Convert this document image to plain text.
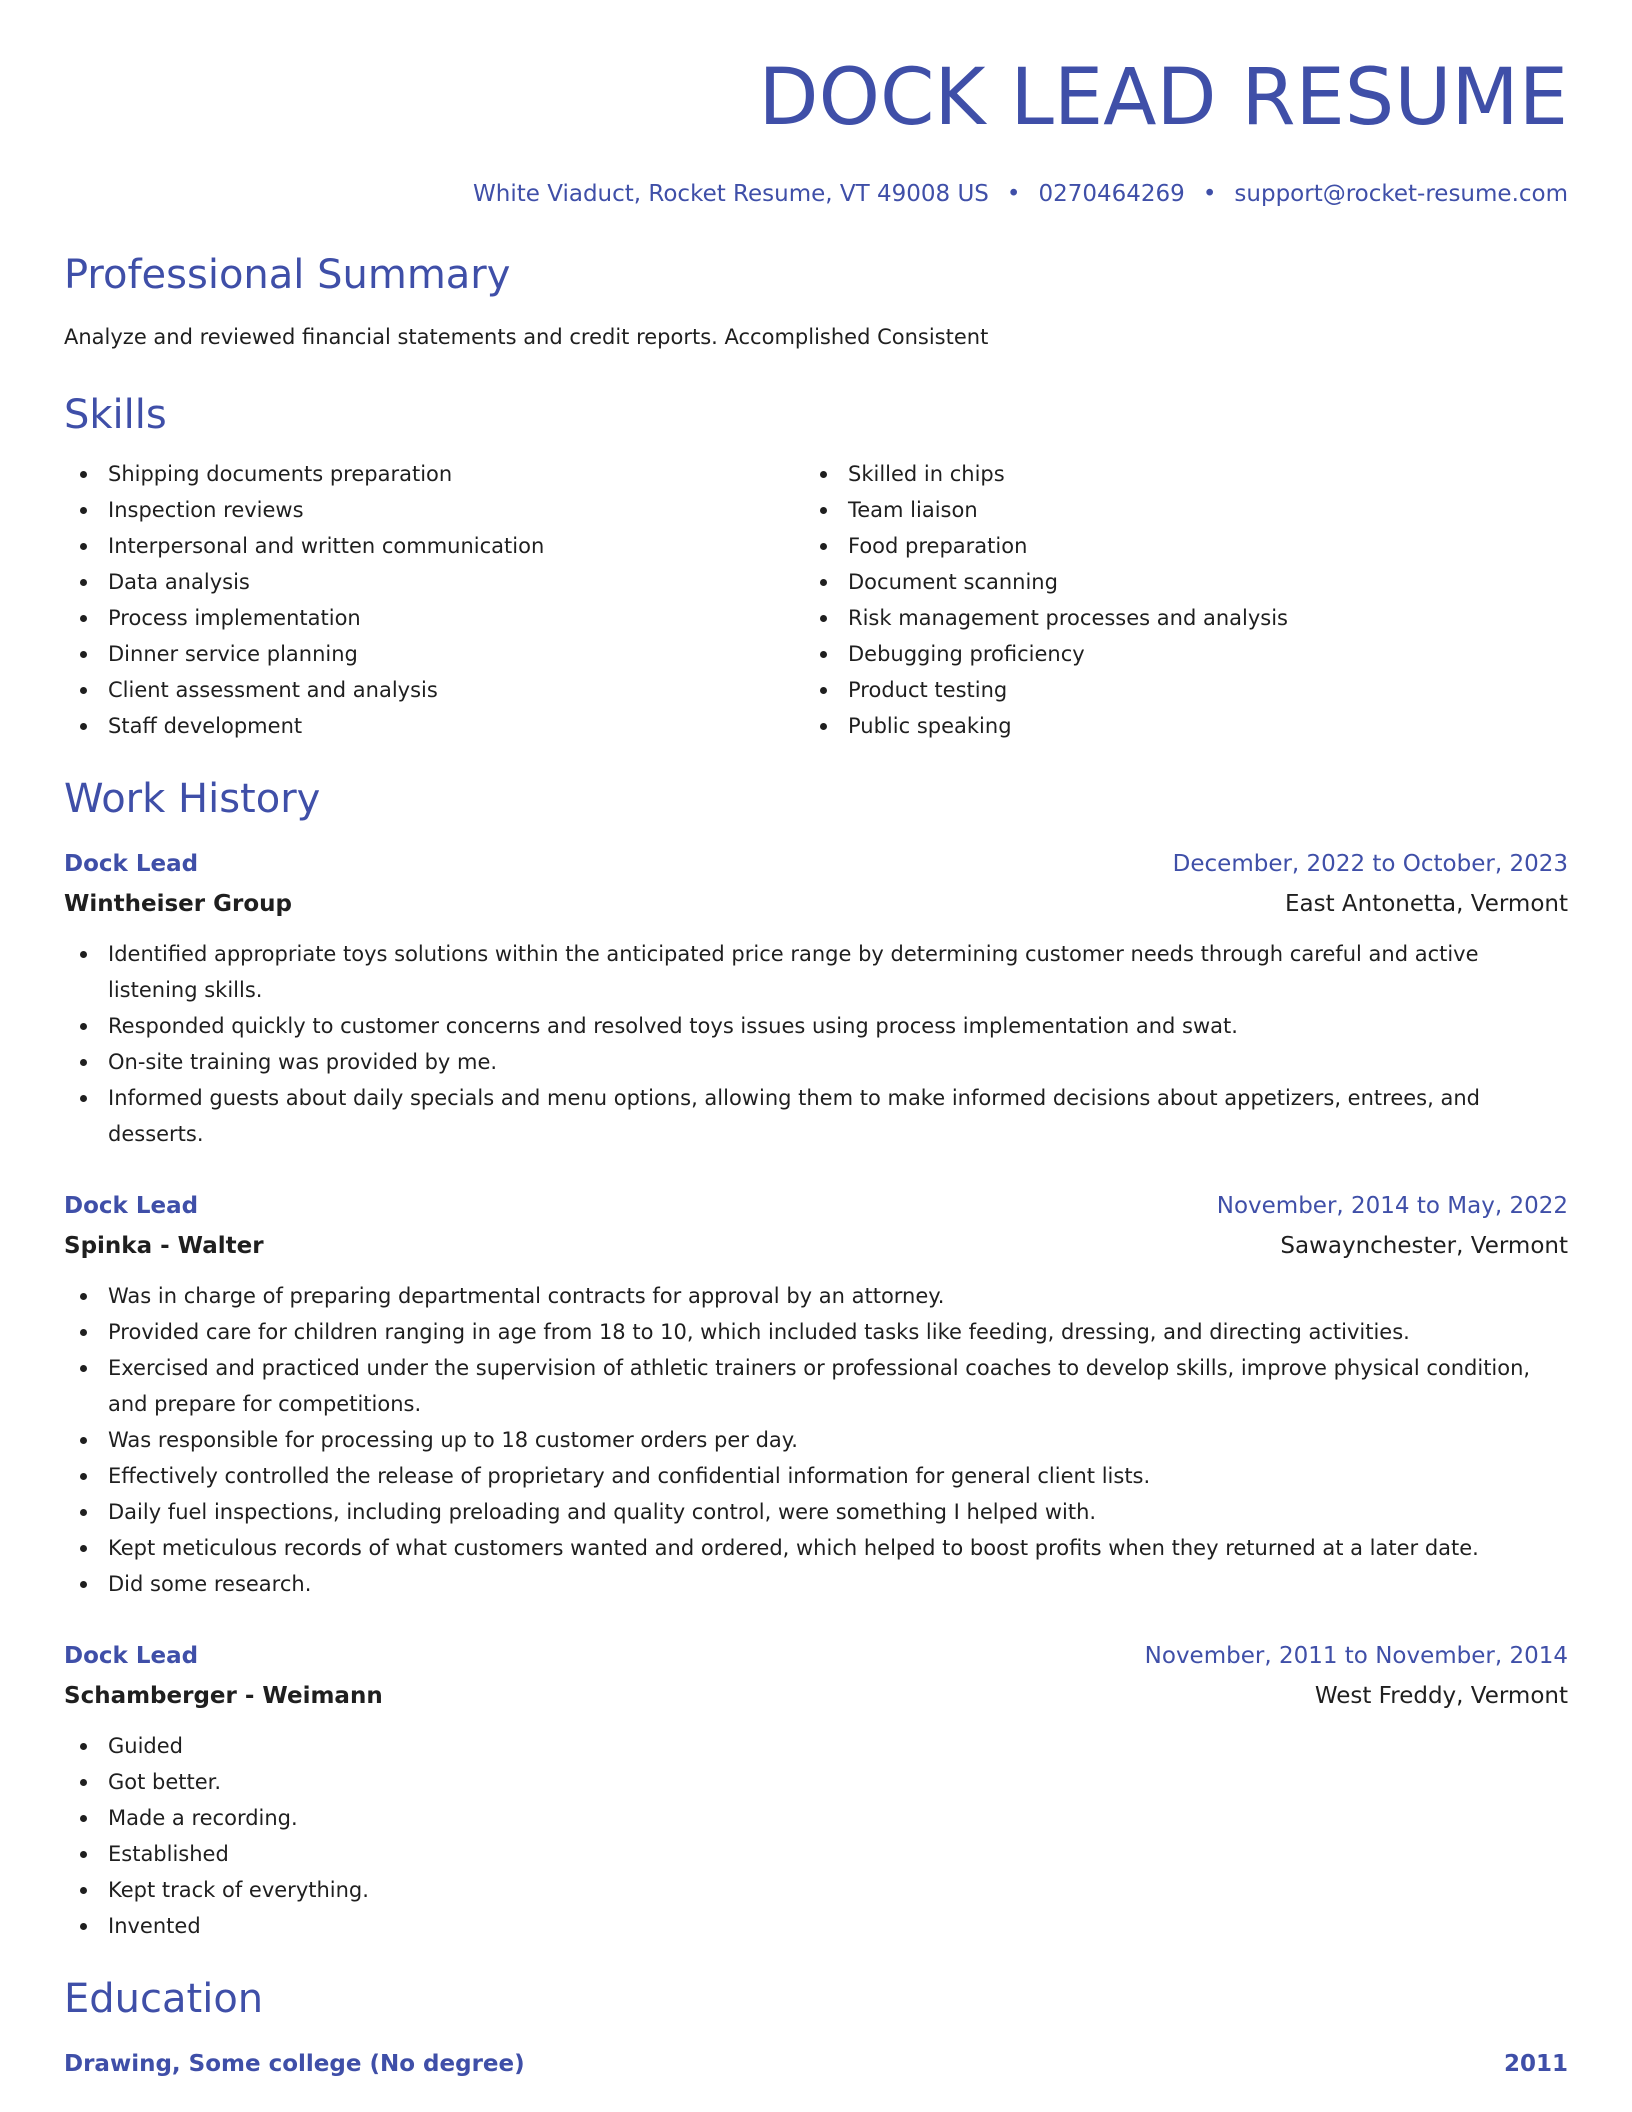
DOCK LEAD RESUME
White Viaduct, Rocket Resume, VT 49008 US • 0270464269 • support@rocket-resume.com
Professional Summary
Analyze and reviewed financial statements and credit reports. Accomplished Consistent
Skills
Shipping documents preparation
Inspection reviews
Interpersonal and written communication
Data analysis
Process implementation
Dinner service planning
Client assessment and analysis
Staff development
Skilled in chips
Team liaison
Food preparation
Document scanning
Risk management processes and analysis
Debugging proficiency
Product testing
Public speaking
Work History
Dock Lead	December, 2022 to October, 2023
Wintheiser Group	East Antonetta, Vermont
Identified appropriate toys solutions within the anticipated price range by determining customer needs through careful and active listening skills.
Responded quickly to customer concerns and resolved toys issues using process implementation and swat.
On-site training was provided by me.
Informed guests about daily specials and menu options, allowing them to make informed decisions about appetizers, entrees, and desserts.
Dock Lead	November, 2014 to May, 2022
Spinka - Walter	Sawaynchester, Vermont
Was in charge of preparing departmental contracts for approval by an attorney.
Provided care for children ranging in age from 18 to 10, which included tasks like feeding, dressing, and directing activities.
Exercised and practiced under the supervision of athletic trainers or professional coaches to develop skills, improve physical condition, and prepare for competitions.
Was responsible for processing up to 18 customer orders per day.
Effectively controlled the release of proprietary and confidential information for general client lists.
Daily fuel inspections, including preloading and quality control, were something I helped with.
Kept meticulous records of what customers wanted and ordered, which helped to boost profits when they returned at a later date.
Did some research.
Dock Lead	November, 2011 to November, 2014
Schamberger - Weimann	West Freddy, Vermont
Guided
Got better.
Made a recording.
Established
Kept track of everything.
Invented
Education
Drawing, Some college (No degree)	2011
